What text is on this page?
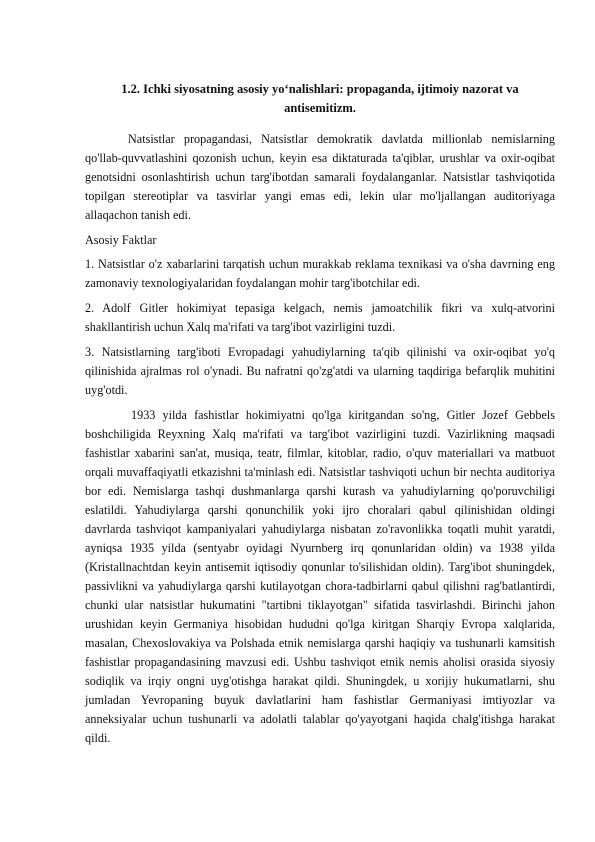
1.2. Ichki siyosatning asosiy yo‘nalishlari: propaganda, ijtimoiy nazorat va antisemitizm.

Natsistlar propagandasi, Natsistlar demokratik davlatda millionlab nemislarning qo'llab-quvvatlashini qozonish uchun, keyin esa diktaturada ta'qiblar, urushlar va oxir-oqibat genotsidni osonlashtirish uchun targ'ibotdan samarali foydalanganlar. Natsistlar tashviqotida topilgan stereotiplar va tasvirlar yangi emas edi, lekin ular mo'ljallangan auditoriyaga allaqachon tanish edi.

Asosiy Faktlar

1. Natsistlar o'z xabarlarini tarqatish uchun murakkab reklama texnikasi va o'sha davrning eng zamonaviy texnologiyalaridan foydalangan mohir targ'ibotchilar edi.

2. Adolf Gitler hokimiyat tepasiga kelgach, nemis jamoatchilik fikri va xulq-atvorini shakllantirish uchun Xalq ma'rifati va targ'ibot vazirligini tuzdi.

3. Natsistlarning targ'iboti Evropadagi yahudiylarning ta'qib qilinishi va oxir-oqibat yo'q qilinishida ajralmas rol o'ynadi. Bu nafratni qo'zg'atdi va ularning taqdiriga befarqlik muhitini uyg'otdi.

1933 yilda fashistlar hokimiyatni qo'lga kiritgandan so'ng, Gitler Jozef Gebbels boshchiligida Reyxning Xalq ma'rifati va targ'ibot vazirligini tuzdi. Vazirlikning maqsadi fashistlar xabarini san'at, musiqa, teatr, filmlar, kitoblar, radio, o'quv materiallari va matbuot orqali muvaffaqiyatli etkazishni ta'minlash edi. Natsistlar tashviqoti uchun bir nechta auditoriya bor edi. Nemislarga tashqi dushmanlarga qarshi kurash va yahudiylarning qo'poruvchiligi eslatildi. Yahudiylarga qarshi qonunchilik yoki ijro choralari qabul qilinishidan oldingi davrlarda tashviqot kampaniyalari yahudiylarga nisbatan zo'ravonlikka toqatli muhit yaratdi, ayniqsa 1935 yilda (sentyabr oyidagi Nyurnberg irq qonunlaridan oldin) va 1938 yilda (Kristallnachtdan keyin antisemit iqtisodiy qonunlar to'silishidan oldin). Targ'ibot shuningdek, passivlikni va yahudiylarga qarshi kutilayotgan chora-tadbirlarni qabul qilishni rag'batlantirdi, chunki ular natsistlar hukumatini "tartibni tiklayotgan" sifatida tasvirlashdi. Birinchi jahon urushidan keyin Germaniya hisobidan hududni qo'lga kiritgan Sharqiy Evropa xalqlarida, masalan, Chexoslovakiya va Polshada etnik nemislarga qarshi haqiqiy va tushunarli kamsitish fashistlar propagandasining mavzusi edi. Ushbu tashviqot etnik nemis aholisi orasida siyosiy sodiqlik va irqiy ongni uyg'otishga harakat qildi. Shuningdek, u xorijiy hukumatlarni, shu jumladan Yevropaning buyuk davlatlarini ham fashistlar Germaniyasi imtiyozlar va anneksiyalar uchun tushunarli va adolatli talablar qo'yayotgani haqida chalg'itishga harakat qildi.
